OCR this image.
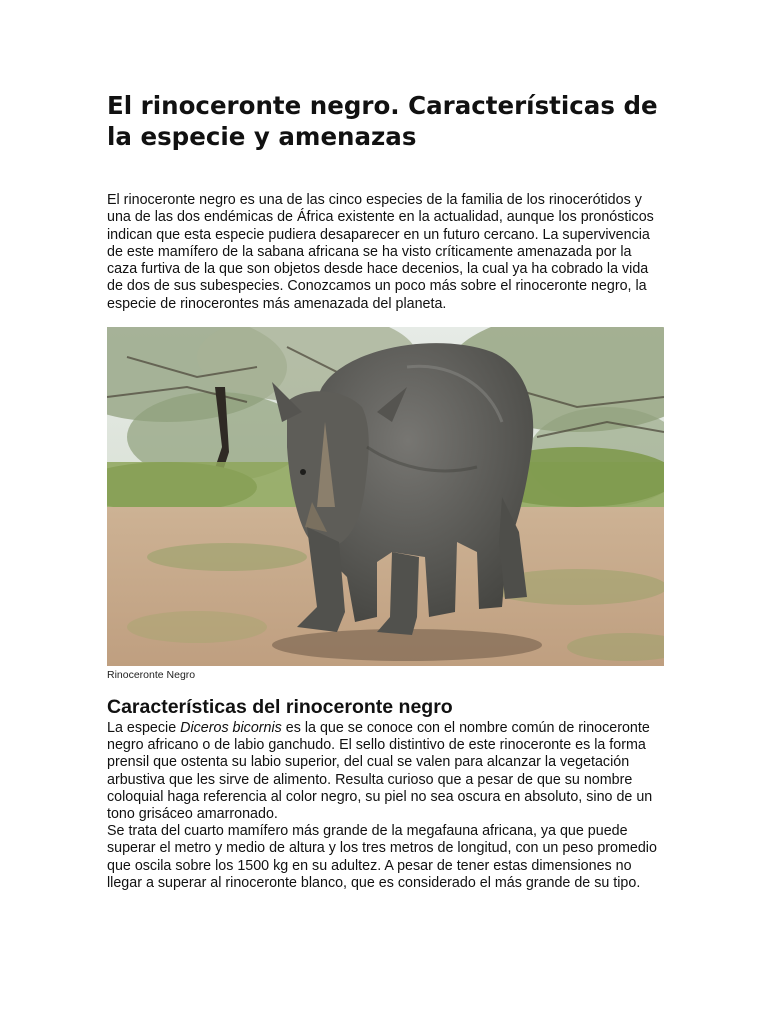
El rinoceronte negro. Características de la especie y amenazas

El rinoceronte negro es una de las cinco especies de la familia de los rinocerótidos y una de las dos endémicas de África existente en la actualidad, aunque los pronósticos indican que esta especie pudiera desaparecer en un futuro cercano. La supervivencia de este mamífero de la sabana africana se ha visto críticamente amenazada por la caza furtiva de la que son objetos desde hace decenios, la cual ya ha cobrado la vida de dos de sus subespecies. Conozcamos un poco más sobre el rinoceronte negro, la especie de rinocerontes más amenazada del planeta.

Rinoceronte Negro
Características del rinoceronte negro

La especie Diceros bicornis es la que se conoce con el nombre común de rinoceronte negro africano o de labio ganchudo. El sello distintivo de este rinoceronte es la forma prensil que ostenta su labio superior, del cual se valen para alcanzar la vegetación arbustiva que les sirve de alimento. Resulta curioso que a pesar de que su nombre coloquial haga referencia al color negro, su piel no sea oscura en absoluto, sino de un tono grisáceo amarronado.

Se trata del cuarto mamífero más grande de la megafauna africana, ya que puede superar el metro y medio de altura y los tres metros de longitud, con un peso promedio que oscila sobre los 1500 kg en su adultez. A pesar de tener estas dimensiones no llegar a superar al rinoceronte blanco, que es considerado el más grande de su tipo.
